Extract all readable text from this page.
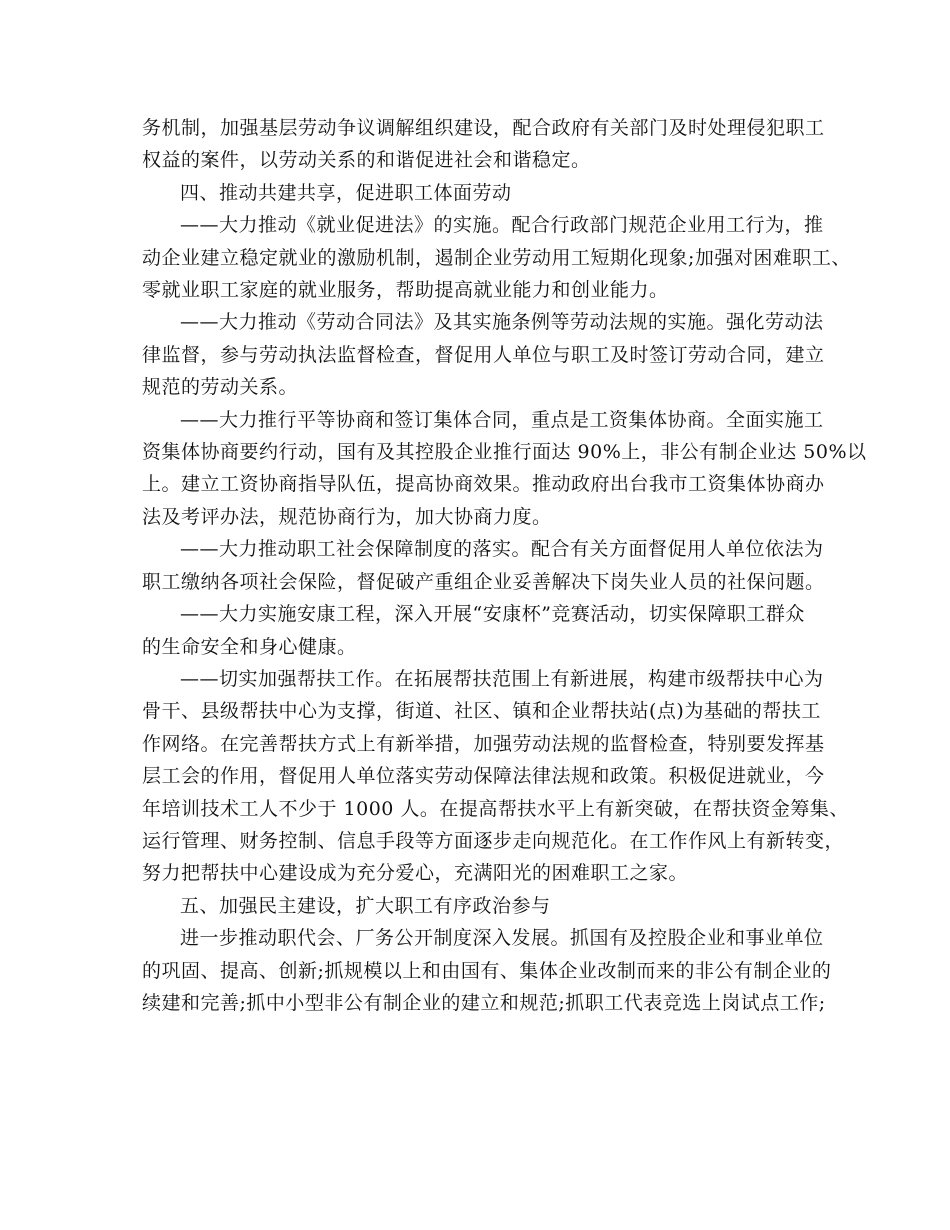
务机制，加强基层劳动争议调解组织建设，配合政府有关部门及时处理侵犯职工
权益的案件，以劳动关系的和谐促进社会和谐稳定。
四、推动共建共享，促进职工体面劳动
——大力推动《就业促进法》的实施。配合行政部门规范企业用工行为，推
动企业建立稳定就业的激励机制，遏制企业劳动用工短期化现象;加强对困难职工、
零就业职工家庭的就业服务，帮助提高就业能力和创业能力。
——大力推动《劳动合同法》及其实施条例等劳动法规的实施。强化劳动法
律监督，参与劳动执法监督检查，督促用人单位与职工及时签订劳动合同，建立
规范的劳动关系。
——大力推行平等协商和签订集体合同，重点是工资集体协商。全面实施工
资集体协商要约行动，国有及其控股企业推行面达 90%上，非公有制企业达 50%以
上。建立工资协商指导队伍，提高协商效果。推动政府出台我市工资集体协商办
法及考评办法，规范协商行为，加大协商力度。
——大力推动职工社会保障制度的落实。配合有关方面督促用人单位依法为
职工缴纳各项社会保险，督促破产重组企业妥善解决下岗失业人员的社保问题。
——大力实施安康工程，深入开展“安康杯”竞赛活动，切实保障职工群众
的生命安全和身心健康。
——切实加强帮扶工作。在拓展帮扶范围上有新进展，构建市级帮扶中心为
骨干、县级帮扶中心为支撑，街道、社区、镇和企业帮扶站(点)为基础的帮扶工
作网络。在完善帮扶方式上有新举措，加强劳动法规的监督检查，特别要发挥基
层工会的作用，督促用人单位落实劳动保障法律法规和政策。积极促进就业，今
年培训技术工人不少于 1000 人。在提高帮扶水平上有新突破，在帮扶资金筹集、
运行管理、财务控制、信息手段等方面逐步走向规范化。在工作作风上有新转变，
努力把帮扶中心建设成为充分爱心，充满阳光的困难职工之家。
五、加强民主建设，扩大职工有序政治参与
进一步推动职代会、厂务公开制度深入发展。抓国有及控股企业和事业单位
的巩固、提高、创新;抓规模以上和由国有、集体企业改制而来的非公有制企业的
续建和完善;抓中小型非公有制企业的建立和规范;抓职工代表竞选上岗试点工作;
